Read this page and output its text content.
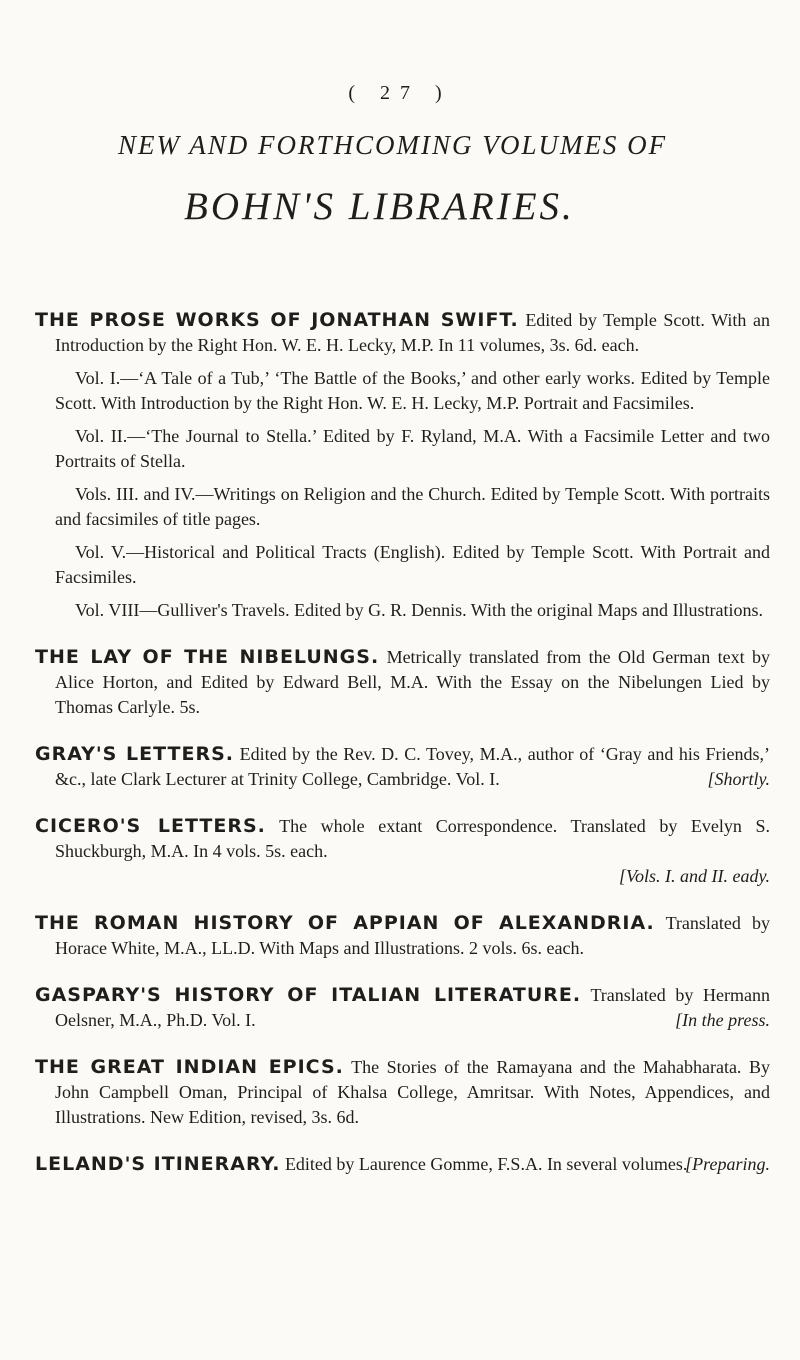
( 27 )
NEW AND FORTHCOMING VOLUMES OF
BOHN'S LIBRARIES.
THE PROSE WORKS OF JONATHAN SWIFT. Edited by Temple Scott. With an Introduction by the Right Hon. W. E. H. Lecky, M.P. In 11 volumes, 3s. 6d. each.
Vol. I.—‘A Tale of a Tub,’ ‘The Battle of the Books,’ and other early works. Edited by Temple Scott. With Introduction by the Right Hon. W. E. H. Lecky, M.P. Portrait and Facsimiles.
Vol. II.—‘The Journal to Stella.’ Edited by F. Ryland, M.A. With a Facsimile Letter and two Portraits of Stella.
Vols. III. and IV.—Writings on Religion and the Church. Edited by Temple Scott. With portraits and facsimiles of title pages.
Vol. V.—Historical and Political Tracts (English). Edited by Temple Scott. With Portrait and Facsimiles.
Vol. VIII—Gulliver's Travels. Edited by G. R. Dennis. With the original Maps and Illustrations.
THE LAY OF THE NIBELUNGS. Metrically translated from the Old German text by Alice Horton, and Edited by Edward Bell, M.A. With the Essay on the Nibelungen Lied by Thomas Carlyle. 5s.
GRAY'S LETTERS. Edited by the Rev. D. C. Tovey, M.A., author of ‘Gray and his Friends,’ &c., late Clark Lecturer at Trinity College, Cambridge. Vol. I.	[Shortly.
CICERO'S LETTERS. The whole extant Correspondence. Translated by Evelyn S. Shuckburgh, M.A. In 4 vols. 5s. each.
[Vols. I. and II. eady.
THE ROMAN HISTORY OF APPIAN OF ALEXANDRIA. Translated by Horace White, M.A., LL.D. With Maps and Illustrations. 2 vols. 6s. each.
GASPARY'S HISTORY OF ITALIAN LITERATURE. Translated by Hermann Oelsner, M.A., Ph.D. Vol. I.	[In the press.
THE GREAT INDIAN EPICS. The Stories of the Ramayana and the Mahabharata. By John Campbell Oman, Principal of Khalsa College, Amritsar. With Notes, Appendices, and Illustrations. New Edition, revised, 3s. 6d.
LELAND'S ITINERARY. Edited by Laurence Gomme, F.S.A. In several volumes.
[Preparing.
